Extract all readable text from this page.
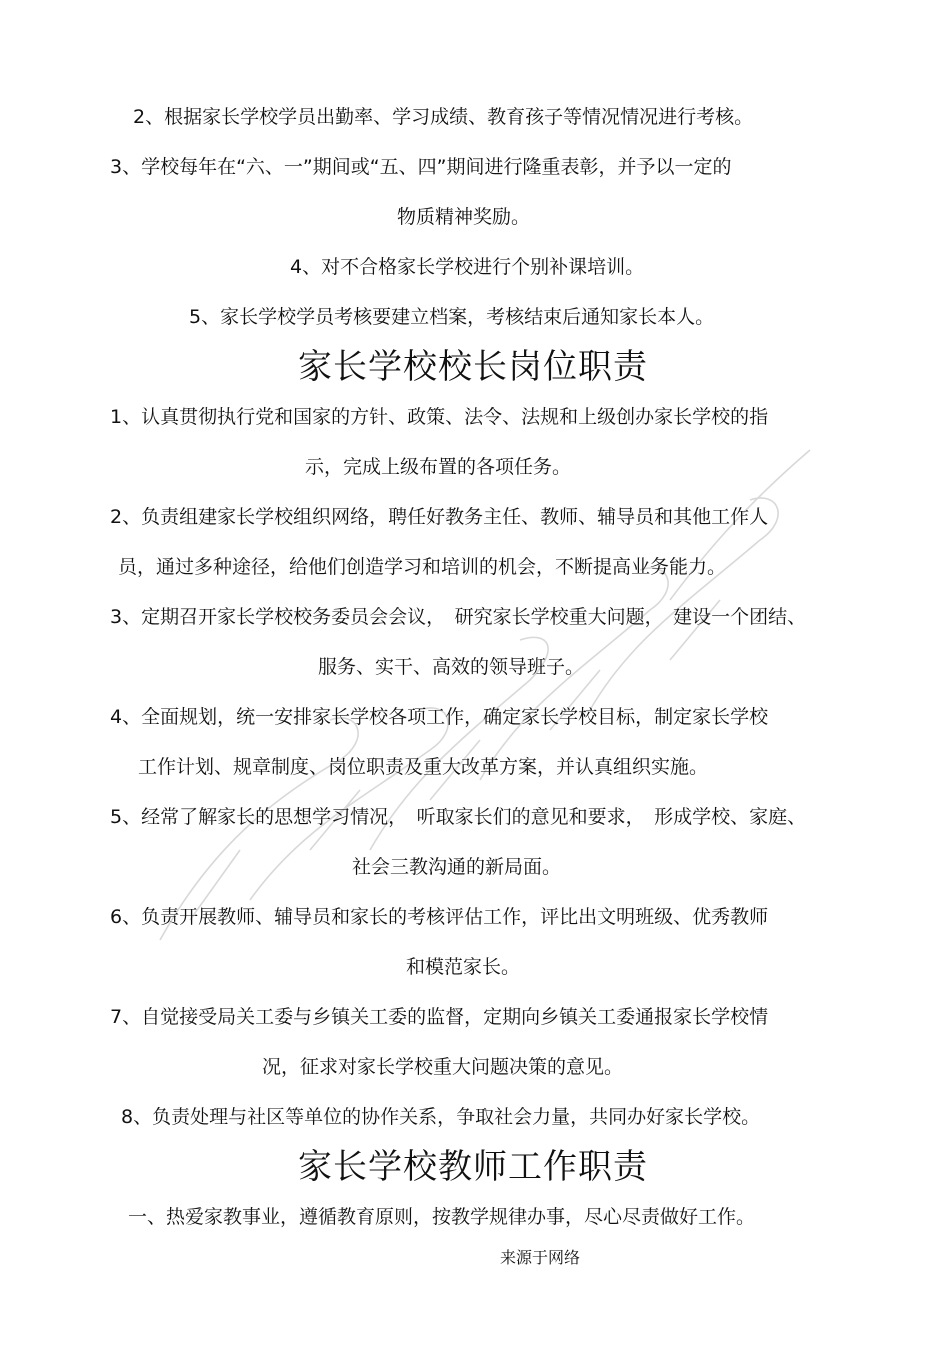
2、根据家长学校学员出勤率、学习成绩、教育孩子等情况情况进行考核。
3、学校每年在“六、一”期间或“五、四”期间进行隆重表彰，并予以一定的
物质精神奖励。
4、对不合格家长学校进行个别补课培训。
5、家长学校学员考核要建立档案，考核结束后通知家长本人。
家长学校校长岗位职责
1、认真贯彻执行党和国家的方针、政策、法令、法规和上级创办家长学校的指
示，完成上级布置的各项任务。
2、负责组建家长学校组织网络，聘任好教务主任、教师、辅导员和其他工作人
员，通过多种途径，给他们创造学习和培训的机会，不断提高业务能力。
3、定期召开家长学校校务委员会会议，　研究家长学校重大问题，　建设一个团结、
服务、实干、高效的领导班子。
4、全面规划，统一安排家长学校各项工作，确定家长学校目标，制定家长学校
工作计划、规章制度、岗位职责及重大改革方案，并认真组织实施。
5、经常了解家长的思想学习情况，　听取家长们的意见和要求，　形成学校、家庭、
社会三教沟通的新局面。
6、负责开展教师、辅导员和家长的考核评估工作，评比出文明班级、优秀教师
和模范家长。
7、自觉接受局关工委与乡镇关工委的监督，定期向乡镇关工委通报家长学校情
况，征求对家长学校重大问题决策的意见。
8、负责处理与社区等单位的协作关系，争取社会力量，共同办好家长学校。
家长学校教师工作职责
一、热爱家教事业，遵循教育原则，按教学规律办事，尽心尽责做好工作。
来源于网络
